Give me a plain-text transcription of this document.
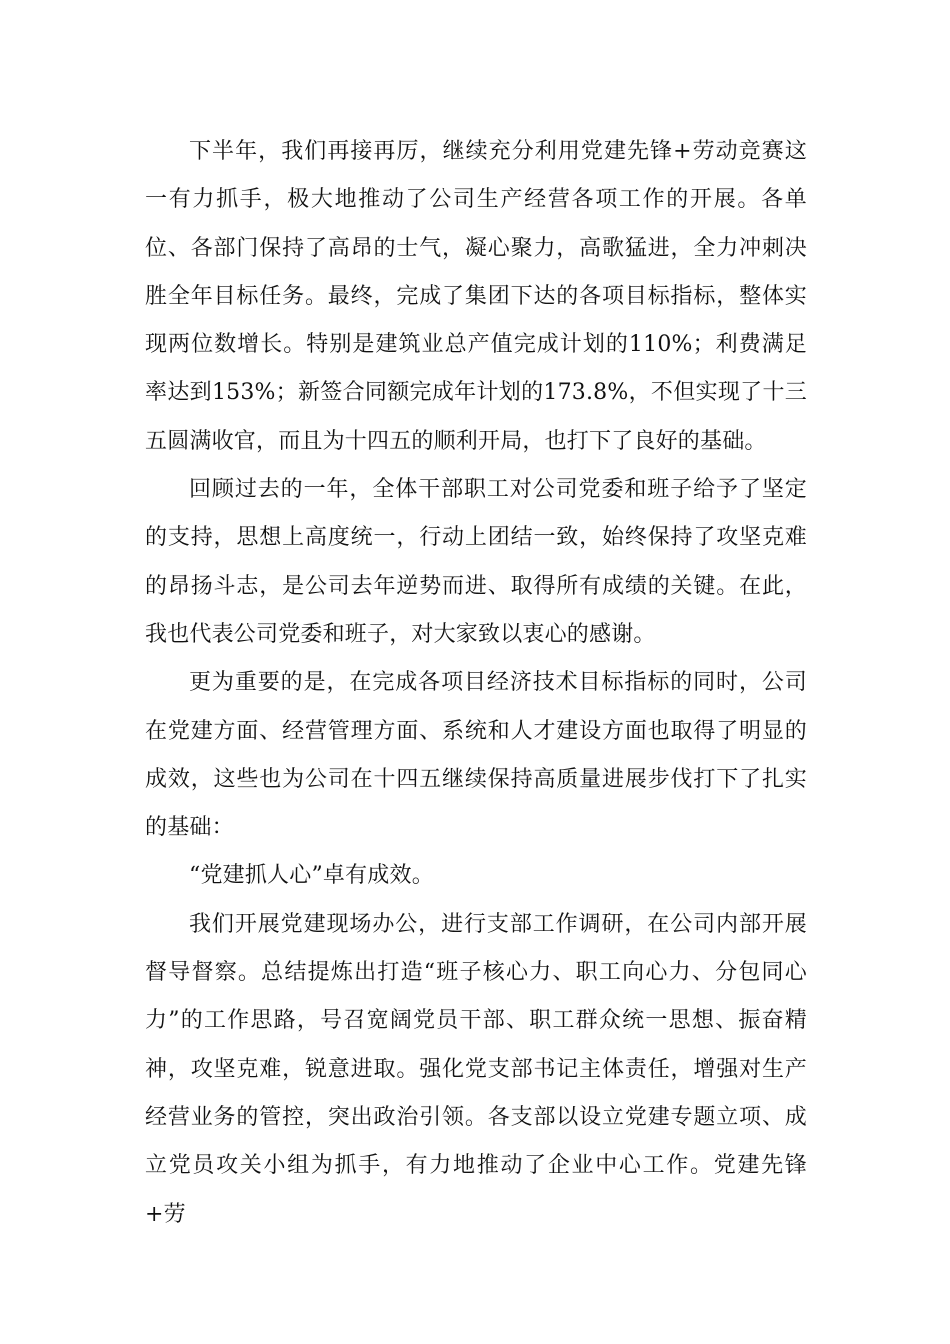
下半年，我们再接再厉，继续充分利用党建先锋+劳动竞赛这一有力抓手，极大地推动了公司生产经营各项工作的开展。各单位、各部门保持了高昂的士气，凝心聚力，高歌猛进，全力冲刺决胜全年目标任务。最终，完成了集团下达的各项目标指标，整体实现两位数增长。特别是建筑业总产值完成计划的110%；利费满足率达到153%；新签合同额完成年计划的173.8%，不但实现了十三五圆满收官，而且为十四五的顺利开局，也打下了良好的基础。

回顾过去的一年，全体干部职工对公司党委和班子给予了坚定的支持，思想上高度统一，行动上团结一致，始终保持了攻坚克难的昂扬斗志，是公司去年逆势而进、取得所有成绩的关键。在此，我也代表公司党委和班子，对大家致以衷心的感谢。

更为重要的是，在完成各项目经济技术目标指标的同时，公司在党建方面、经营管理方面、系统和人才建设方面也取得了明显的成效，这些也为公司在十四五继续保持高质量进展步伐打下了扎实的基础：

“党建抓人心”卓有成效。

我们开展党建现场办公，进行支部工作调研，在公司内部开展督导督察。总结提炼出打造“班子核心力、职工向心力、分包同心力”的工作思路，号召宽阔党员干部、职工群众统一思想、振奋精神，攻坚克难，锐意进取。强化党支部书记主体责任，增强对生产经营业务的管控，突出政治引领。各支部以设立党建专题立项、成立党员攻关小组为抓手，有力地推动了企业中心工作。党建先锋+劳
